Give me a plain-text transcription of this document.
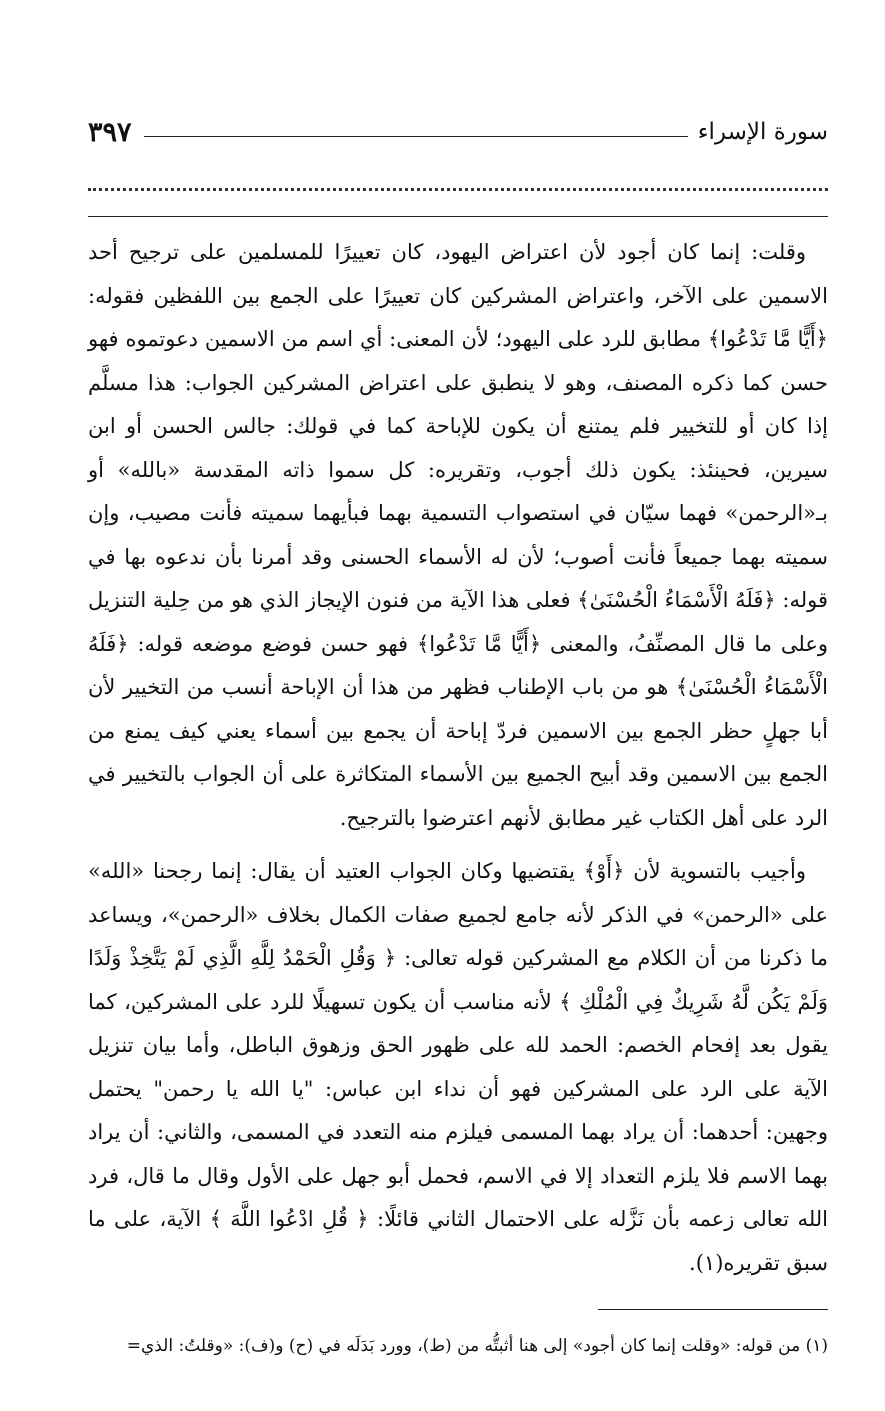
سورة الإسراء
٣٩٧

وقلت: إنما كان أجود لأن اعتراض اليهود، كان تعييرًا للمسلمين على ترجيح أحد الاسمين على الآخر، واعتراض المشركين كان تعييرًا على الجمع بين اللفظين فقوله: ﴿أَيًّا مَّا تَدْعُوا﴾ مطابق للرد على اليهود؛ لأن المعنى: أي اسم من الاسمين دعوتموه فهو حسن كما ذكره المصنف، وهو لا ينطبق على اعتراض المشركين الجواب: هذا مسلَّم إذا كان أو للتخيير فلم يمتنع أن يكون للإباحة كما في قولك: جالس الحسن أو ابن سيرين، فحينئذ: يكون ذلك أجوب، وتقريره: كل سموا ذاته المقدسة «بالله» أو بـ«الرحمن» فهما سيّان في استصواب التسمية بهما فبأيهما سميته فأنت مصيب، وإن سميته بهما جميعاً فأنت أصوب؛ لأن له الأسماء الحسنى وقد أمرنا بأن ندعوه بها في قوله: ﴿فَلَهُ الْأَسْمَاءُ الْحُسْنَىٰ﴾ فعلى هذا الآية من فنون الإيجاز الذي هو من حِلية التنزيل وعلى ما قال المصنِّفُ، والمعنى ﴿أَيًّا مَّا تَدْعُوا﴾ فهو حسن فوضع موضعه قوله: ﴿فَلَهُ الْأَسْمَاءُ الْحُسْنَىٰ﴾ هو من باب الإطناب فظهر من هذا أن الإباحة أنسب من التخيير لأن أبا جهلٍ حظر الجمع بين الاسمين فردّ إباحة أن يجمع بين أسماء يعني كيف يمنع من الجمع بين الاسمين وقد أبيح الجميع بين الأسماء المتكاثرة على أن الجواب بالتخيير في الرد على أهل الكتاب غير مطابق لأنهم اعترضوا بالترجيح.

وأجيب بالتسوية لأن ﴿أَوْ﴾ يقتضيها وكان الجواب العتيد أن يقال: إنما رجحنا «الله» على «الرحمن» في الذكر لأنه جامع لجميع صفات الكمال بخلاف «الرحمن»، ويساعد ما ذكرنا من أن الكلام مع المشركين قوله تعالى: ﴿ وَقُلِ الْحَمْدُ لِلَّهِ الَّذِي لَمْ يَتَّخِذْ وَلَدًا وَلَمْ يَكُن لَّهُ شَرِيكٌ فِي الْمُلْكِ ﴾ لأنه مناسب أن يكون تسهيلًا للرد على المشركين، كما يقول بعد إفحام الخصم: الحمد لله على ظهور الحق وزهوق الباطل، وأما بيان تنزيل الآية على الرد على المشركين فهو أن نداء ابن عباس: "يا الله يا رحمن" يحتمل وجهين: أحدهما: أن يراد بهما المسمى فيلزم منه التعدد في المسمى، والثاني: أن يراد بهما الاسم فلا يلزم التعداد إلا في الاسم، فحمل أبو جهل على الأول وقال ما قال، فرد الله تعالى زعمه بأن نَزَّله على الاحتمال الثاني قائلًا: ﴿ قُلِ ادْعُوا اللَّهَ ﴾ الآية، على ما سبق تقريره(١).

(١) من قوله: «وقلت إنما كان أجود» إلى هنا أثبتُّه من (ط)، وورد بَدَلَه في (ح) و(ف): «وقلتُ: الذي=
